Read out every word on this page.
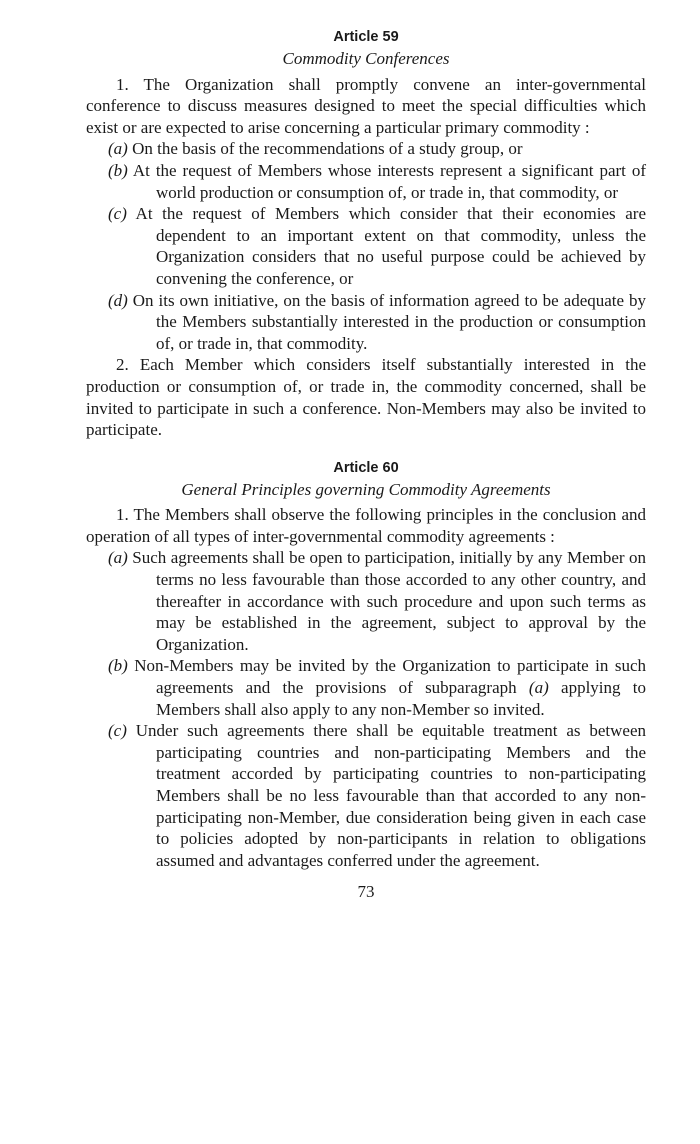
Article 59
Commodity Conferences

1. The Organization shall promptly convene an inter-governmental conference to discuss measures designed to meet the special difficulties which exist or are expected to arise concerning a particular primary commodity :

(a) On the basis of the recommendations of a study group, or

(b) At the request of Members whose interests represent a significant part of world production or consumption of, or trade in, that commodity, or

(c) At the request of Members which consider that their economies are dependent to an important extent on that commodity, unless the Organization considers that no useful purpose could be achieved by convening the conference, or

(d) On its own initiative, on the basis of information agreed to be adequate by the Members substantially interested in the production or consumption of, or trade in, that commodity.

2. Each Member which considers itself substantially interested in the production or consumption of, or trade in, the commodity concerned, shall be invited to participate in such a conference. Non-Members may also be invited to participate.

Article 60
General Principles governing Commodity Agreements

1. The Members shall observe the following principles in the conclusion and operation of all types of inter-governmental commodity agreements :

(a) Such agreements shall be open to participation, initially by any Member on terms no less favourable than those accorded to any other country, and thereafter in accordance with such procedure and upon such terms as may be established in the agreement, subject to approval by the Organization.

(b) Non-Members may be invited by the Organization to participate in such agreements and the provisions of subparagraph (a) applying to Members shall also apply to any non-Member so invited.

(c) Under such agreements there shall be equitable treatment as between participating countries and non-participating Members and the treatment accorded by participating countries to non-participating Members shall be no less favourable than that accorded to any non-participating non-Member, due consideration being given in each case to policies adopted by non-participants in relation to obligations assumed and advantages conferred under the agreement.

73
